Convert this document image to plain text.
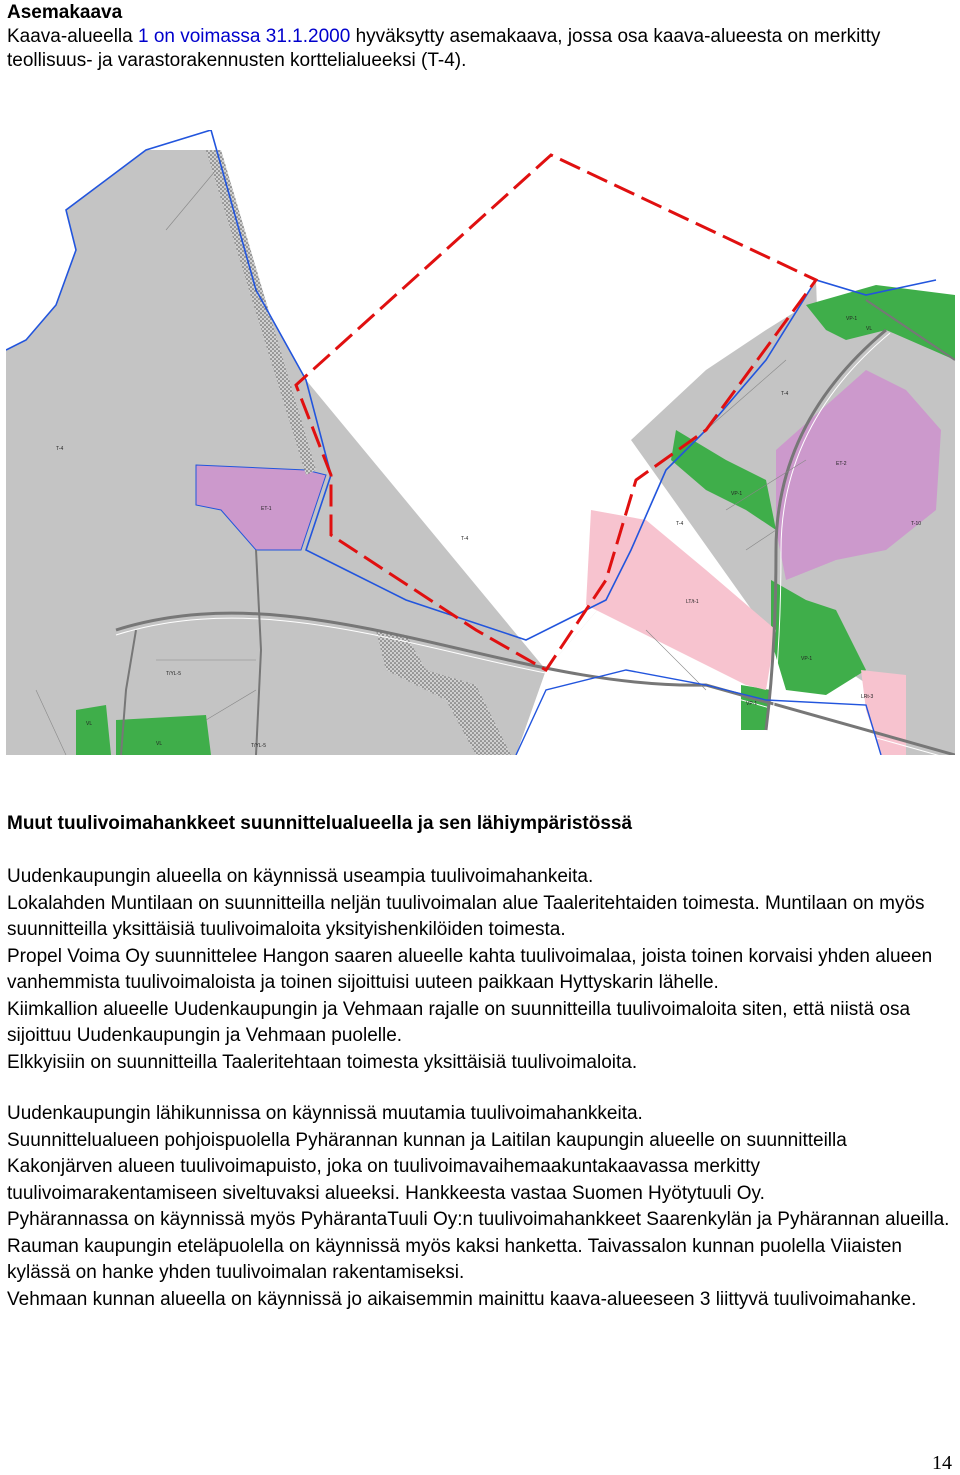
Asemakaava
Kaava-alueella 1 on voimassa 31.1.2000 hyväksytty asemakaava, jossa osa kaava-alueesta on merkitty teollisuus- ja varastorakennusten korttelialueeksi (T-4).
T-4
T-4
T-4
T-4
ET-1
ET-2
VL
VL
VL
VP-1
VP-1
VP-1
VP-1
LT/t-1
LRt-3
T/YL-5
T/YL-5
T-10
Muut tuulivoimahankkeet suunnittelualueella ja sen lähiympäristössä

Uudenkaupungin alueella on käynnissä useampia tuulivoimahankeita.

Lokalahden Muntilaan on suunnitteilla neljän tuulivoimalan alue Taaleritehtaiden toimesta. Muntilaan on myös suunnitteilla yksittäisiä tuulivoimaloita yksityishenkilöiden toimesta.

Propel Voima Oy suunnittelee Hangon saaren alueelle kahta tuulivoimalaa, joista toinen korvaisi yhden alueen vanhemmista tuulivoimaloista ja toinen sijoittuisi uuteen paikkaan Hyttyskarin lähelle.

Kiimkallion alueelle Uudenkaupungin ja Vehmaan rajalle on suunnitteilla tuulivoimaloita siten, että niistä osa sijoittuu Uudenkaupungin ja Vehmaan puolelle.

Elkkyisiin on suunnitteilla Taaleritehtaan toimesta yksittäisiä tuulivoimaloita.

Uudenkaupungin lähikunnissa on käynnissä muutamia tuulivoimahankkeita.

Suunnittelualueen pohjoispuolella Pyhärannan kunnan ja Laitilan kaupungin alueelle on suunnitteilla Kakonjärven alueen tuulivoimapuisto, joka on tuulivoimavaihemaakuntakaavassa merkitty tuulivoimarakentamiseen siveltuvaksi alueeksi. Hankkeesta vastaa Suomen Hyötytuuli Oy.

Pyhärannassa on käynnissä myös PyhärantaTuuli Oy:n tuulivoimahankkeet Saarenkylän ja Pyhärannan alueilla. Rauman kaupungin eteläpuolella on käynnissä myös kaksi hanketta. Taivassalon kunnan puolella Viiaisten kylässä on hanke yhden tuulivoimalan rakentamiseksi.

Vehmaan kunnan alueella on käynnissä jo aikaisemmin mainittu kaava-alueeseen 3 liittyvä tuulivoimahanke.

14
